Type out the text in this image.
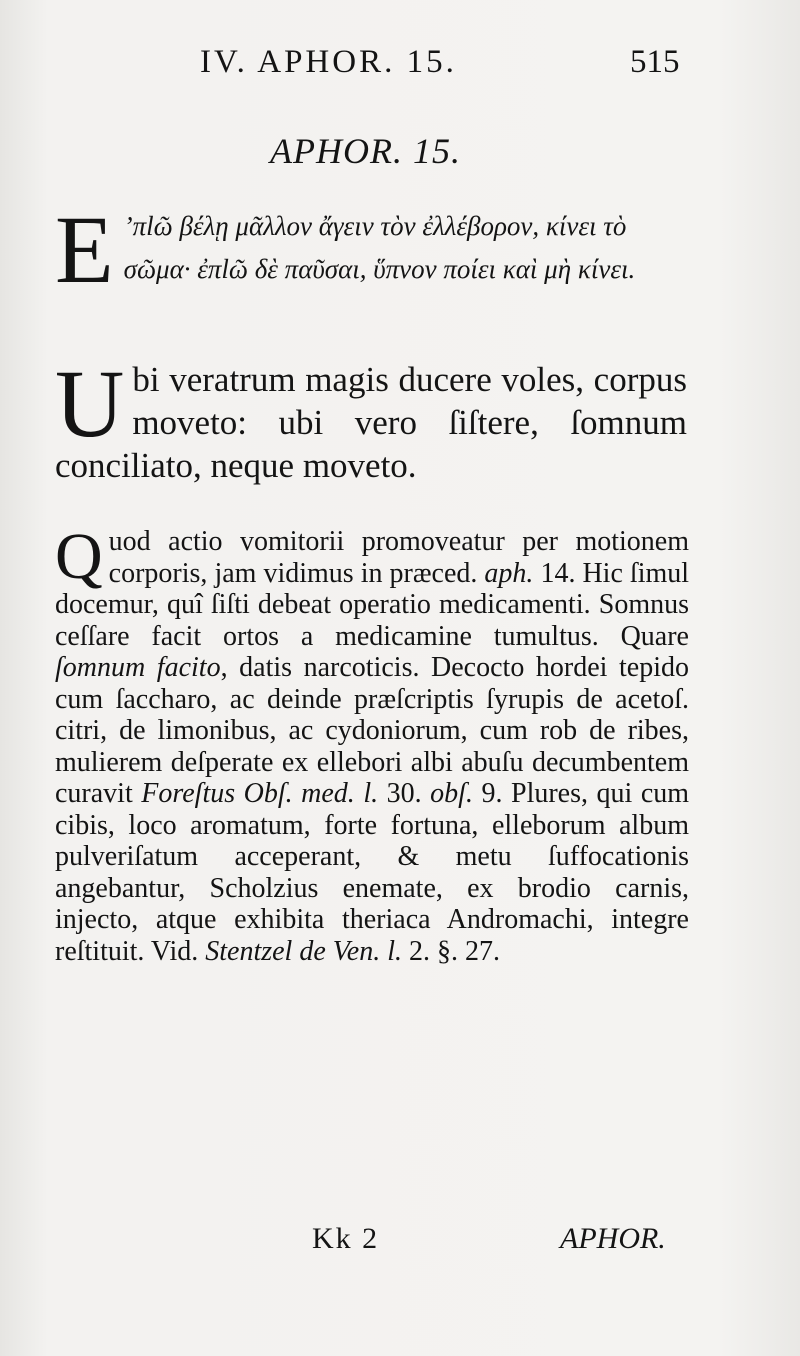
IV. APHOR. 15.	515
APHOR. 15.
E ’πlῶ βέλῃ μᾶλλον ἄγειν τὸν ἐλλέβορον, κίνει τὸ σῶμα· ἐπlῶ δὲ παῦσαι, ὕπνον ποίει καὶ μὴ κίνει.
U bi veratrum magis ducere voles, corpus moveto: ubi vero ſiſtere, ſomnum conciliato, neque moveto.
Q uod actio vomitorii promoveatur per motionem corporis, jam vidimus in præced. aph. 14. Hic ſimul docemur, quî ſiſti debeat operatio medicamenti. Somnus ceſſare facit ortos a medicamine tumultus. Quare ſomnum facito, datis narcoticis. Decocto hordei tepido cum ſaccharo, ac deinde præſcriptis ſyrupis de acetoſ. citri, de limonibus, ac cydoniorum, cum rob de ribes, mulierem deſperate ex ellebori albi abuſu decumbentem curavit Foreſtus Obſ. med. l. 30. obſ. 9. Plures, qui cum cibis, loco aromatum, forte fortuna, elleborum album pulveriſatum acceperant, & metu ſuffocationis angebantur, Scholzius enemate, ex brodio carnis, injecto, atque exhibita theriaca Andromachi, integre reſtituit. Vid. Stentzel de Ven. l. 2. §. 27.
Kk 2	APHOR.
